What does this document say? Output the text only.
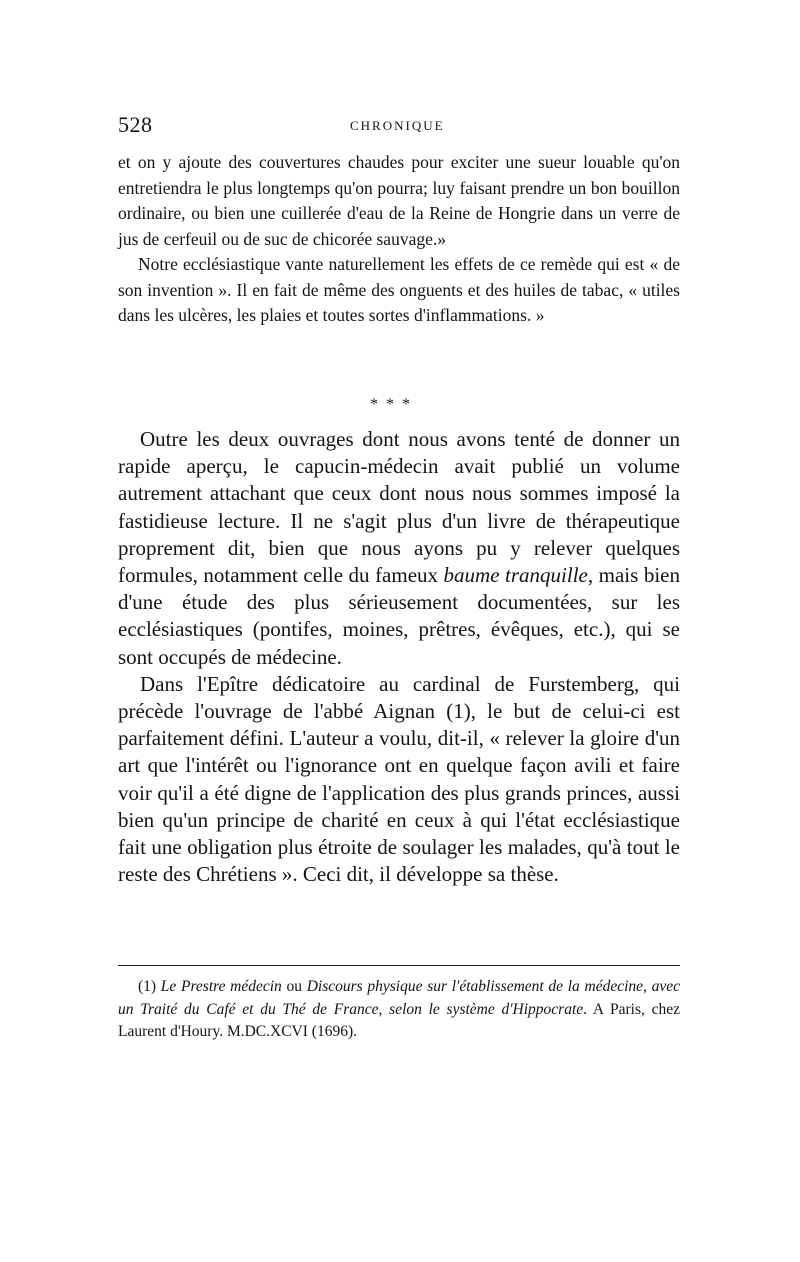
528	CHRONIQUE

et on y ajoute des couvertures chaudes pour exciter une sueur louable qu'on entretiendra le plus longtemps qu'on pourra; luy faisant prendre un bon bouillon ordinaire, ou bien une cuillerée d'eau de la Reine de Hongrie dans un verre de jus de cerfeuil ou de suc de chicorée sauvage.»

Notre ecclésiastique vante naturellement les effets de ce remède qui est « de son invention ». Il en fait de même des onguents et des huiles de tabac, « utiles dans les ulcères, les plaies et toutes sortes d'inflammations. »

* * *

Outre les deux ouvrages dont nous avons tenté de donner un rapide aperçu, le capucin-médecin avait publié un volume autrement attachant que ceux dont nous nous sommes imposé la fastidieuse lecture. Il ne s'agit plus d'un livre de thérapeutique proprement dit, bien que nous ayons pu y relever quelques formules, notamment celle du fameux baume tranquille, mais bien d'une étude des plus sérieusement documentées, sur les ecclésiastiques (pontifes, moines, prêtres, évêques, etc.), qui se sont occupés de médecine.

Dans l'Epître dédicatoire au cardinal de Furstemberg, qui précède l'ouvrage de l'abbé Aignan (1), le but de celui-ci est parfaitement défini. L'auteur a voulu, dit-il, « relever la gloire d'un art que l'intérêt ou l'ignorance ont en quelque façon avili et faire voir qu'il a été digne de l'application des plus grands princes, aussi bien qu'un principe de charité en ceux à qui l'état ecclésiastique fait une obligation plus étroite de soulager les malades, qu'à tout le reste des Chrétiens ». Ceci dit, il développe sa thèse.

(1) Le Prestre médecin ou Discours physique sur l'établissement de la médecine, avec un Traité du Café et du Thé de France, selon le système d'Hippocrate. A Paris, chez Laurent d'Houry. M.DC.XCVI (1696).
